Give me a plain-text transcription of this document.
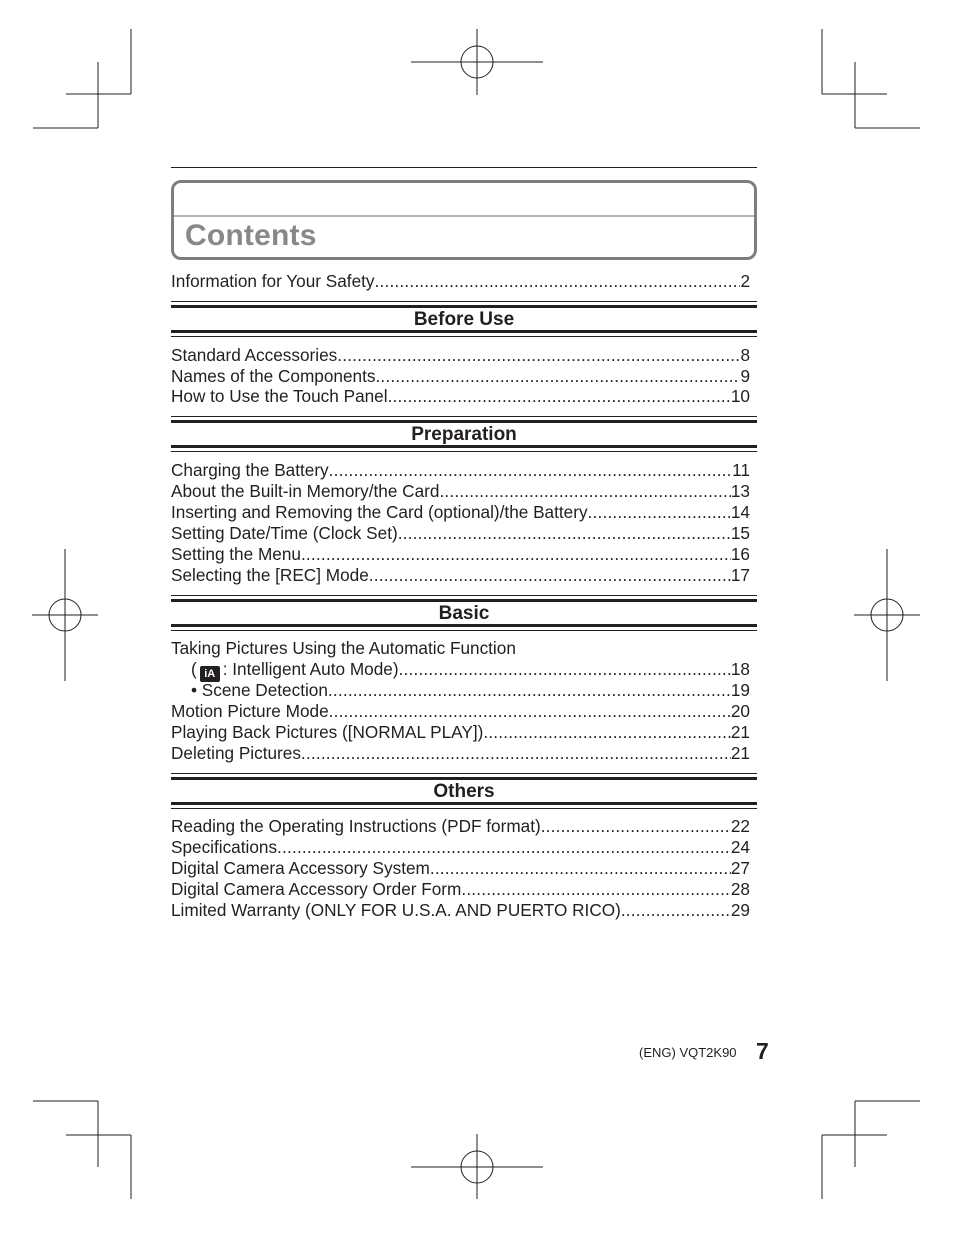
Contents
Information for Your Safety .....	2
Before Use
Standard Accessories .....	8
Names of the Components .....	9
How to Use the Touch Panel .....	10
Preparation
Charging the Battery .....	11
About the Built-in Memory/the Card .....	13
Inserting and Removing the Card (optional)/the Battery .....	14
Setting Date/Time (Clock Set) .....	15
Setting the Menu .....	16
Selecting the [REC] Mode .....	17
Basic
Taking Pictures Using the Automatic Function
( iA : Intelligent Auto Mode) .....	18
• Scene Detection .....	19
Motion Picture Mode .....	20
Playing Back Pictures ([NORMAL PLAY]) .....	21
Deleting Pictures .....	21
Others
Reading the Operating Instructions (PDF format) .....	22
Specifications .....	24
Digital Camera Accessory System .....	27
Digital Camera Accessory Order Form .....	28
Limited Warranty (ONLY FOR U.S.A. AND PUERTO RICO) .....	29
(ENG) VQT2K90 7
